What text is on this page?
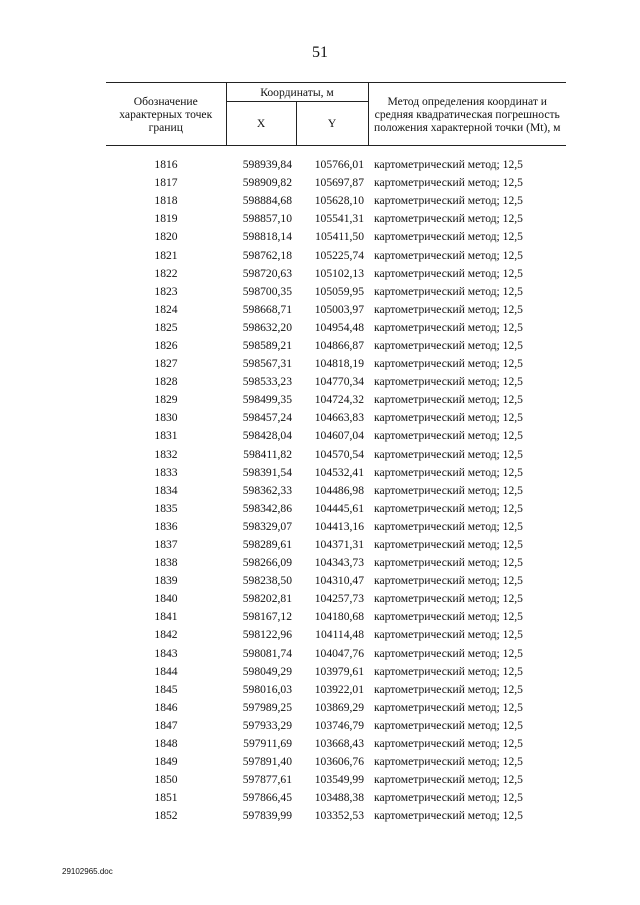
51
Обозначение характерных точек границ	Координаты, м		Метод определения координат и средняя квадратическая погрешность положения характерной точки (Mt), м
	X	Y	

1816	598939,84	105766,01	картометрический метод; 12,5
1817	598909,82	105697,87	картометрический метод; 12,5
1818	598884,68	105628,10	картометрический метод; 12,5
1819	598857,10	105541,31	картометрический метод; 12,5
1820	598818,14	105411,50	картометрический метод; 12,5
1821	598762,18	105225,74	картометрический метод; 12,5
1822	598720,63	105102,13	картометрический метод; 12,5
1823	598700,35	105059,95	картометрический метод; 12,5
1824	598668,71	105003,97	картометрический метод; 12,5
1825	598632,20	104954,48	картометрический метод; 12,5
1826	598589,21	104866,87	картометрический метод; 12,5
1827	598567,31	104818,19	картометрический метод; 12,5
1828	598533,23	104770,34	картометрический метод; 12,5
1829	598499,35	104724,32	картометрический метод; 12,5
1830	598457,24	104663,83	картометрический метод; 12,5
1831	598428,04	104607,04	картометрический метод; 12,5
1832	598411,82	104570,54	картометрический метод; 12,5
1833	598391,54	104532,41	картометрический метод; 12,5
1834	598362,33	104486,98	картометрический метод; 12,5
1835	598342,86	104445,61	картометрический метод; 12,5
1836	598329,07	104413,16	картометрический метод; 12,5
1837	598289,61	104371,31	картометрический метод; 12,5
1838	598266,09	104343,73	картометрический метод; 12,5
1839	598238,50	104310,47	картометрический метод; 12,5
1840	598202,81	104257,73	картометрический метод; 12,5
1841	598167,12	104180,68	картометрический метод; 12,5
1842	598122,96	104114,48	картометрический метод; 12,5
1843	598081,74	104047,76	картометрический метод; 12,5
1844	598049,29	103979,61	картометрический метод; 12,5
1845	598016,03	103922,01	картометрический метод; 12,5
1846	597989,25	103869,29	картометрический метод; 12,5
1847	597933,29	103746,79	картометрический метод; 12,5
1848	597911,69	103668,43	картометрический метод; 12,5
1849	597891,40	103606,76	картометрический метод; 12,5
1850	597877,61	103549,99	картометрический метод; 12,5
1851	597866,45	103488,38	картометрический метод; 12,5
1852	597839,99	103352,53	картометрический метод; 12,5
29102965.doc
